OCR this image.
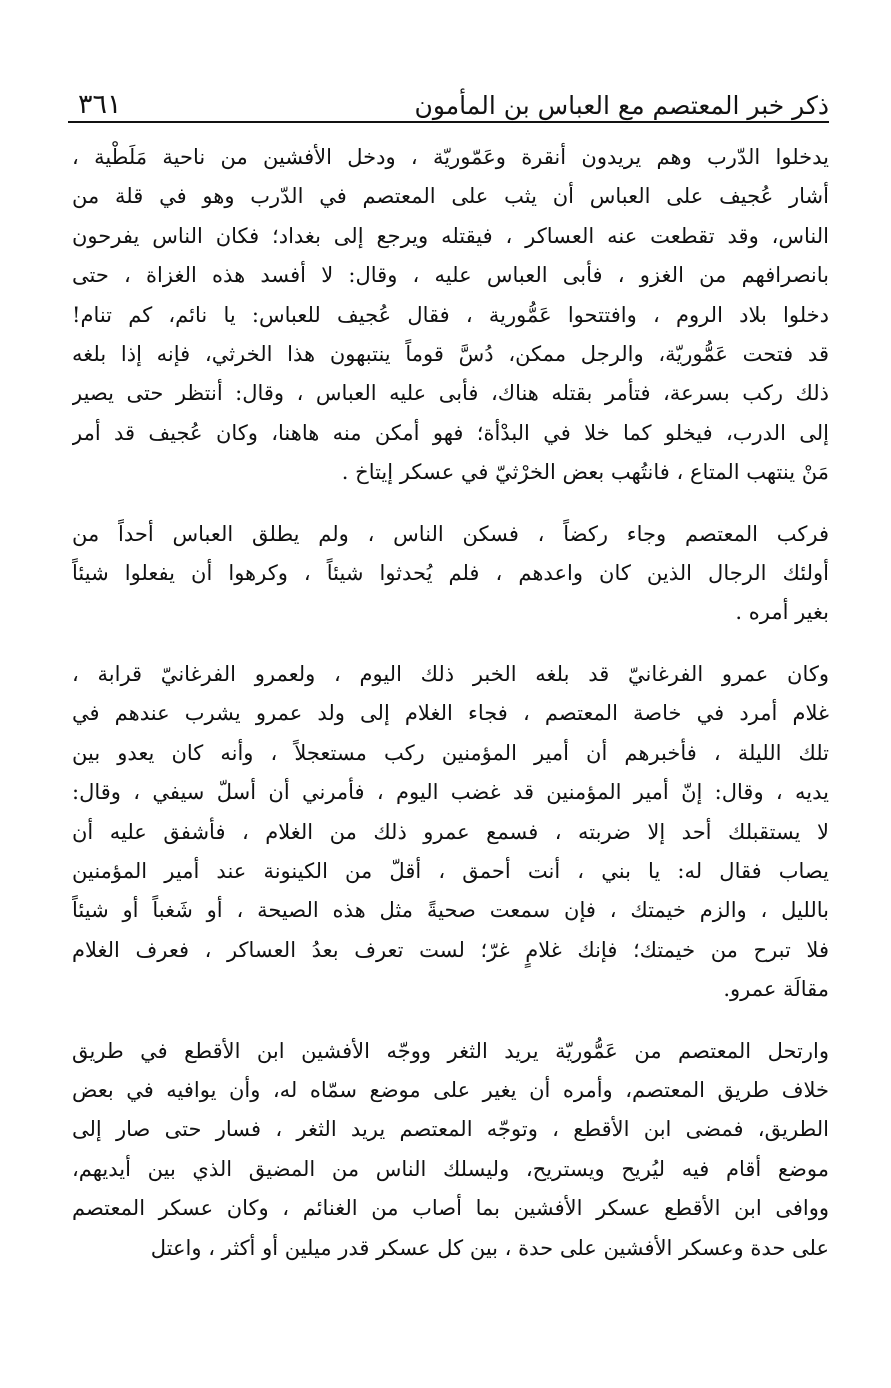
ذكر خبر المعتصم مع العباس بن المأمون
٣٦١
يدخلوا الدّرب وهم يريدون أنقرة وعَمّوريّة ، ودخل الأفشين من ناحية مَلَطْية ،
أشار عُجيف على العباس أن يثب على المعتصم في الدّرب وهو في قلة من
الناس، وقد تقطعت عنه العساكر ، فيقتله ويرجع إلى بغداد؛ فكان الناس يفرحون
بانصرافهم من الغزو ، فأبى العباس عليه ، وقال: لا أفسد هذه الغزاة ، حتى
دخلوا بلاد الروم ، وافتتحوا عَمُّورية ، فقال عُجيف للعباس: يا نائم، كم تنام!
قد فتحت عَمُّوريّة، والرجل ممكن، دُسَّ قوماً ينتبهون هذا الخرثي، فإنه إذا بلغه
ذلك ركب بسرعة، فتأمر بقتله هناك، فأبى عليه العباس ، وقال: أنتظر حتى يصير
إلى الدرب، فيخلو كما خلا في البدْأة؛ فهو أمكن منه هاهنا، وكان عُجيف قد أمر
مَنْ ينتهب المتاع ، فانتُهب بعض الخرْثيّ في عسكر إيتاخ .
فركب المعتصم وجاء ركضاً ، فسكن الناس ، ولم يطلق العباس أحداً من
أولئك الرجال الذين كان واعدهم ، فلم يُحدثوا شيئاً ، وكرهوا أن يفعلوا شيئاً
بغير أمره .
وكان عمرو الفرغانيّ قد بلغه الخبر ذلك اليوم ، ولعمرو الفرغانيّ قرابة ،
غلام أمرد في خاصة المعتصم ، فجاء الغلام إلى ولد عمرو يشرب عندهم في
تلك الليلة ، فأخبرهم أن أمير المؤمنين ركب مستعجلاً ، وأنه كان يعدو بين
يديه ، وقال: إنّ أمير المؤمنين قد غضب اليوم ، فأمرني أن أسلّ سيفي ، وقال:
لا يستقبلك أحد إلا ضربته ، فسمع عمرو ذلك من الغلام ، فأشفق عليه أن
يصاب فقال له: يا بني ، أنت أحمق ، أقلّ من الكينونة عند أمير المؤمنين
بالليل ، والزم خيمتك ، فإن سمعت صحيةً مثل هذه الصيحة ، أو شَغباً أو شيئاً
فلا تبرح من خيمتك؛ فإنك غلامٍ غرّ؛ لست تعرف بعدُ العساكر ، فعرف الغلام
مقالَة عمرو.
وارتحل المعتصم من عَمُّوريّة يريد الثغر ووجّه الأفشين ابن الأقطع في طريق
خلاف طريق المعتصم، وأمره أن يغير على موضع سمّاه له، وأن يوافيه في بعض
الطريق، فمضى ابن الأقطع ، وتوجّه المعتصم يريد الثغر ، فسار حتى صار إلى
موضع أقام فيه ليُريح ويستريح، وليسلك الناس من المضيق الذي بين أيديهم،
ووافى ابن الأقطع عسكر الأفشين بما أصاب من الغنائم ، وكان عسكر المعتصم
على حدة وعسكر الأفشين على حدة ، بين كل عسكر قدر ميلين أو أكثر ، واعتل
